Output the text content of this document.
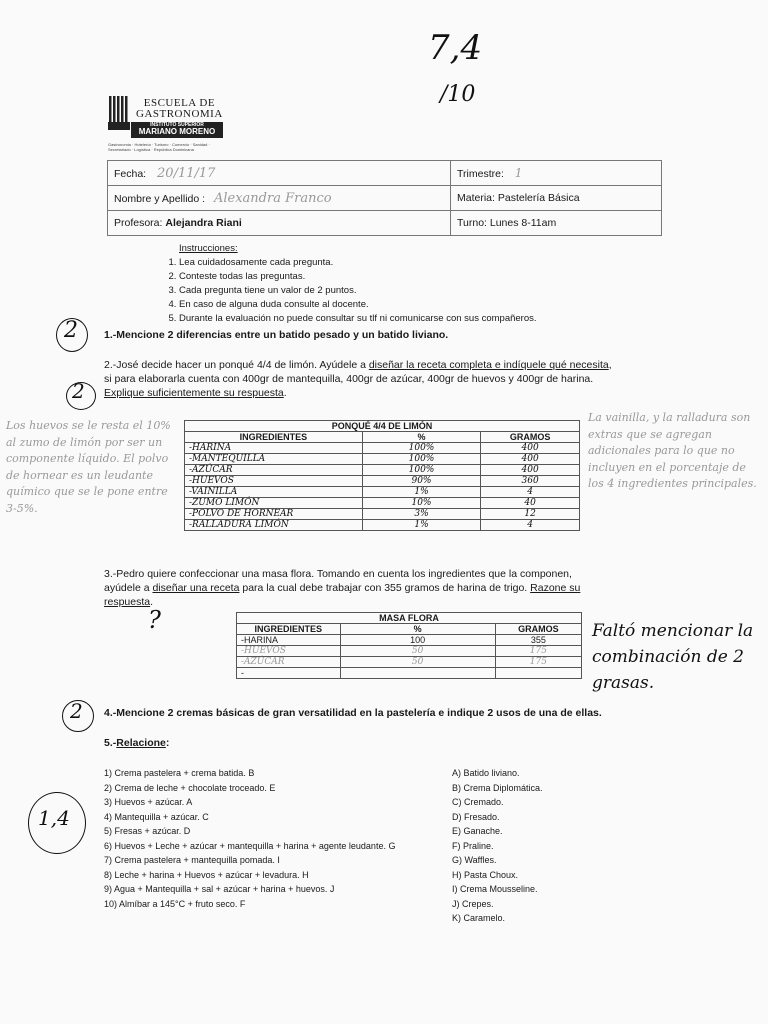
7,4
/10
ESCUELA DE
GASTRONOMIA
INSTITUTO SUPERIOR
MARIANO MORENO
Gastronomia · Hotelería · Turismo · Comercio · Sanidad · Secretariado · Logística · República Dominicana
Fecha: 20/11/17	Trimestre: 1
Nombre y Apellido : Alexandra Franco	Materia: Pastelería Básica
Profesora: Alejandra Riani	Turno: Lunes 8-11am
Instrucciones:
1. Lea cuidadosamente cada pregunta.
2. Conteste todas las preguntas.
3. Cada pregunta tiene un valor de 2 puntos.
4. En caso de alguna duda consulte al docente.
5. Durante la evaluación no puede consultar su tlf ni comunicarse con sus compañeros.
2 1.-Mencione 2 diferencias entre un batido pesado y un batido liviano.
2.-José decide hacer un ponqué 4/4 de limón. Ayúdele a diseñar la receta completa e indíquele qué necesita,
si para elaborarla cuenta con 400gr de mantequilla, 400gr de azúcar, 400gr de huevos y 400gr de harina.
Explique suficientemente su respuesta.
2
PONQUÉ 4/4 DE LIMÓN		
INGREDIENTES	%	GRAMOS
-HARINA	100%	400
-MANTEQUILLA	100%	400
-AZÚCAR	100%	400
-HUEVOS	90%	360
-VAINILLA	1%	4
-ZUMO LIMÓN	10%	40
-POLVO DE HORNEAR	3%	12
-RALLADURA LIMÓN	1%	4
Los huevos se le resta el 10% al zumo de limón por ser un componente líquido. El polvo de hornear es un leudante químico que se le pone entre 3-5%.
La vainilla, y la ralladura son extras que se agregan adicionales para lo que no incluyen en el porcentaje de los 4 ingredientes principales.
3.-Pedro quiere confeccionar una masa flora. Tomando en cuenta los ingredientes que la componen,
ayúdele a diseñar una receta para la cual debe trabajar con 355 gramos de harina de trigo. Razone su
respuesta.
?	MASA FLORA		
INGREDIENTES	%	GRAMOS
-HARINA	100	355
-HUEVOS	50	175
-AZÚCAR	50	175
-		
Faltó mencionar la combinación de 2 grasas.
2 4.-Mencione 2 cremas básicas de gran versatilidad en la pastelería e indique 2 usos de una de ellas.
5.-Relacione:
1,4
1) Crema pastelera + crema batida. B
2) Crema de leche + chocolate troceado. E
3) Huevos + azúcar. A
4) Mantequilla + azúcar. C
5) Fresas + azúcar. D
6) Huevos + Leche + azúcar + mantequilla + harina + agente leudante. G
7) Crema pastelera + mantequilla pomada. I
8) Leche + harina + Huevos + azúcar + levadura. H
9) Agua + Mantequilla + sal + azúcar + harina + huevos. J
10) Almíbar a 145°C + fruto seco. F
A) Batido liviano.
B) Crema Diplomática.
C) Cremado.
D) Fresado.
E) Ganache.
F) Praline.
G) Waffles.
H) Pasta Choux.
I) Crema Mousseline.
J) Crepes.
K) Caramelo.
